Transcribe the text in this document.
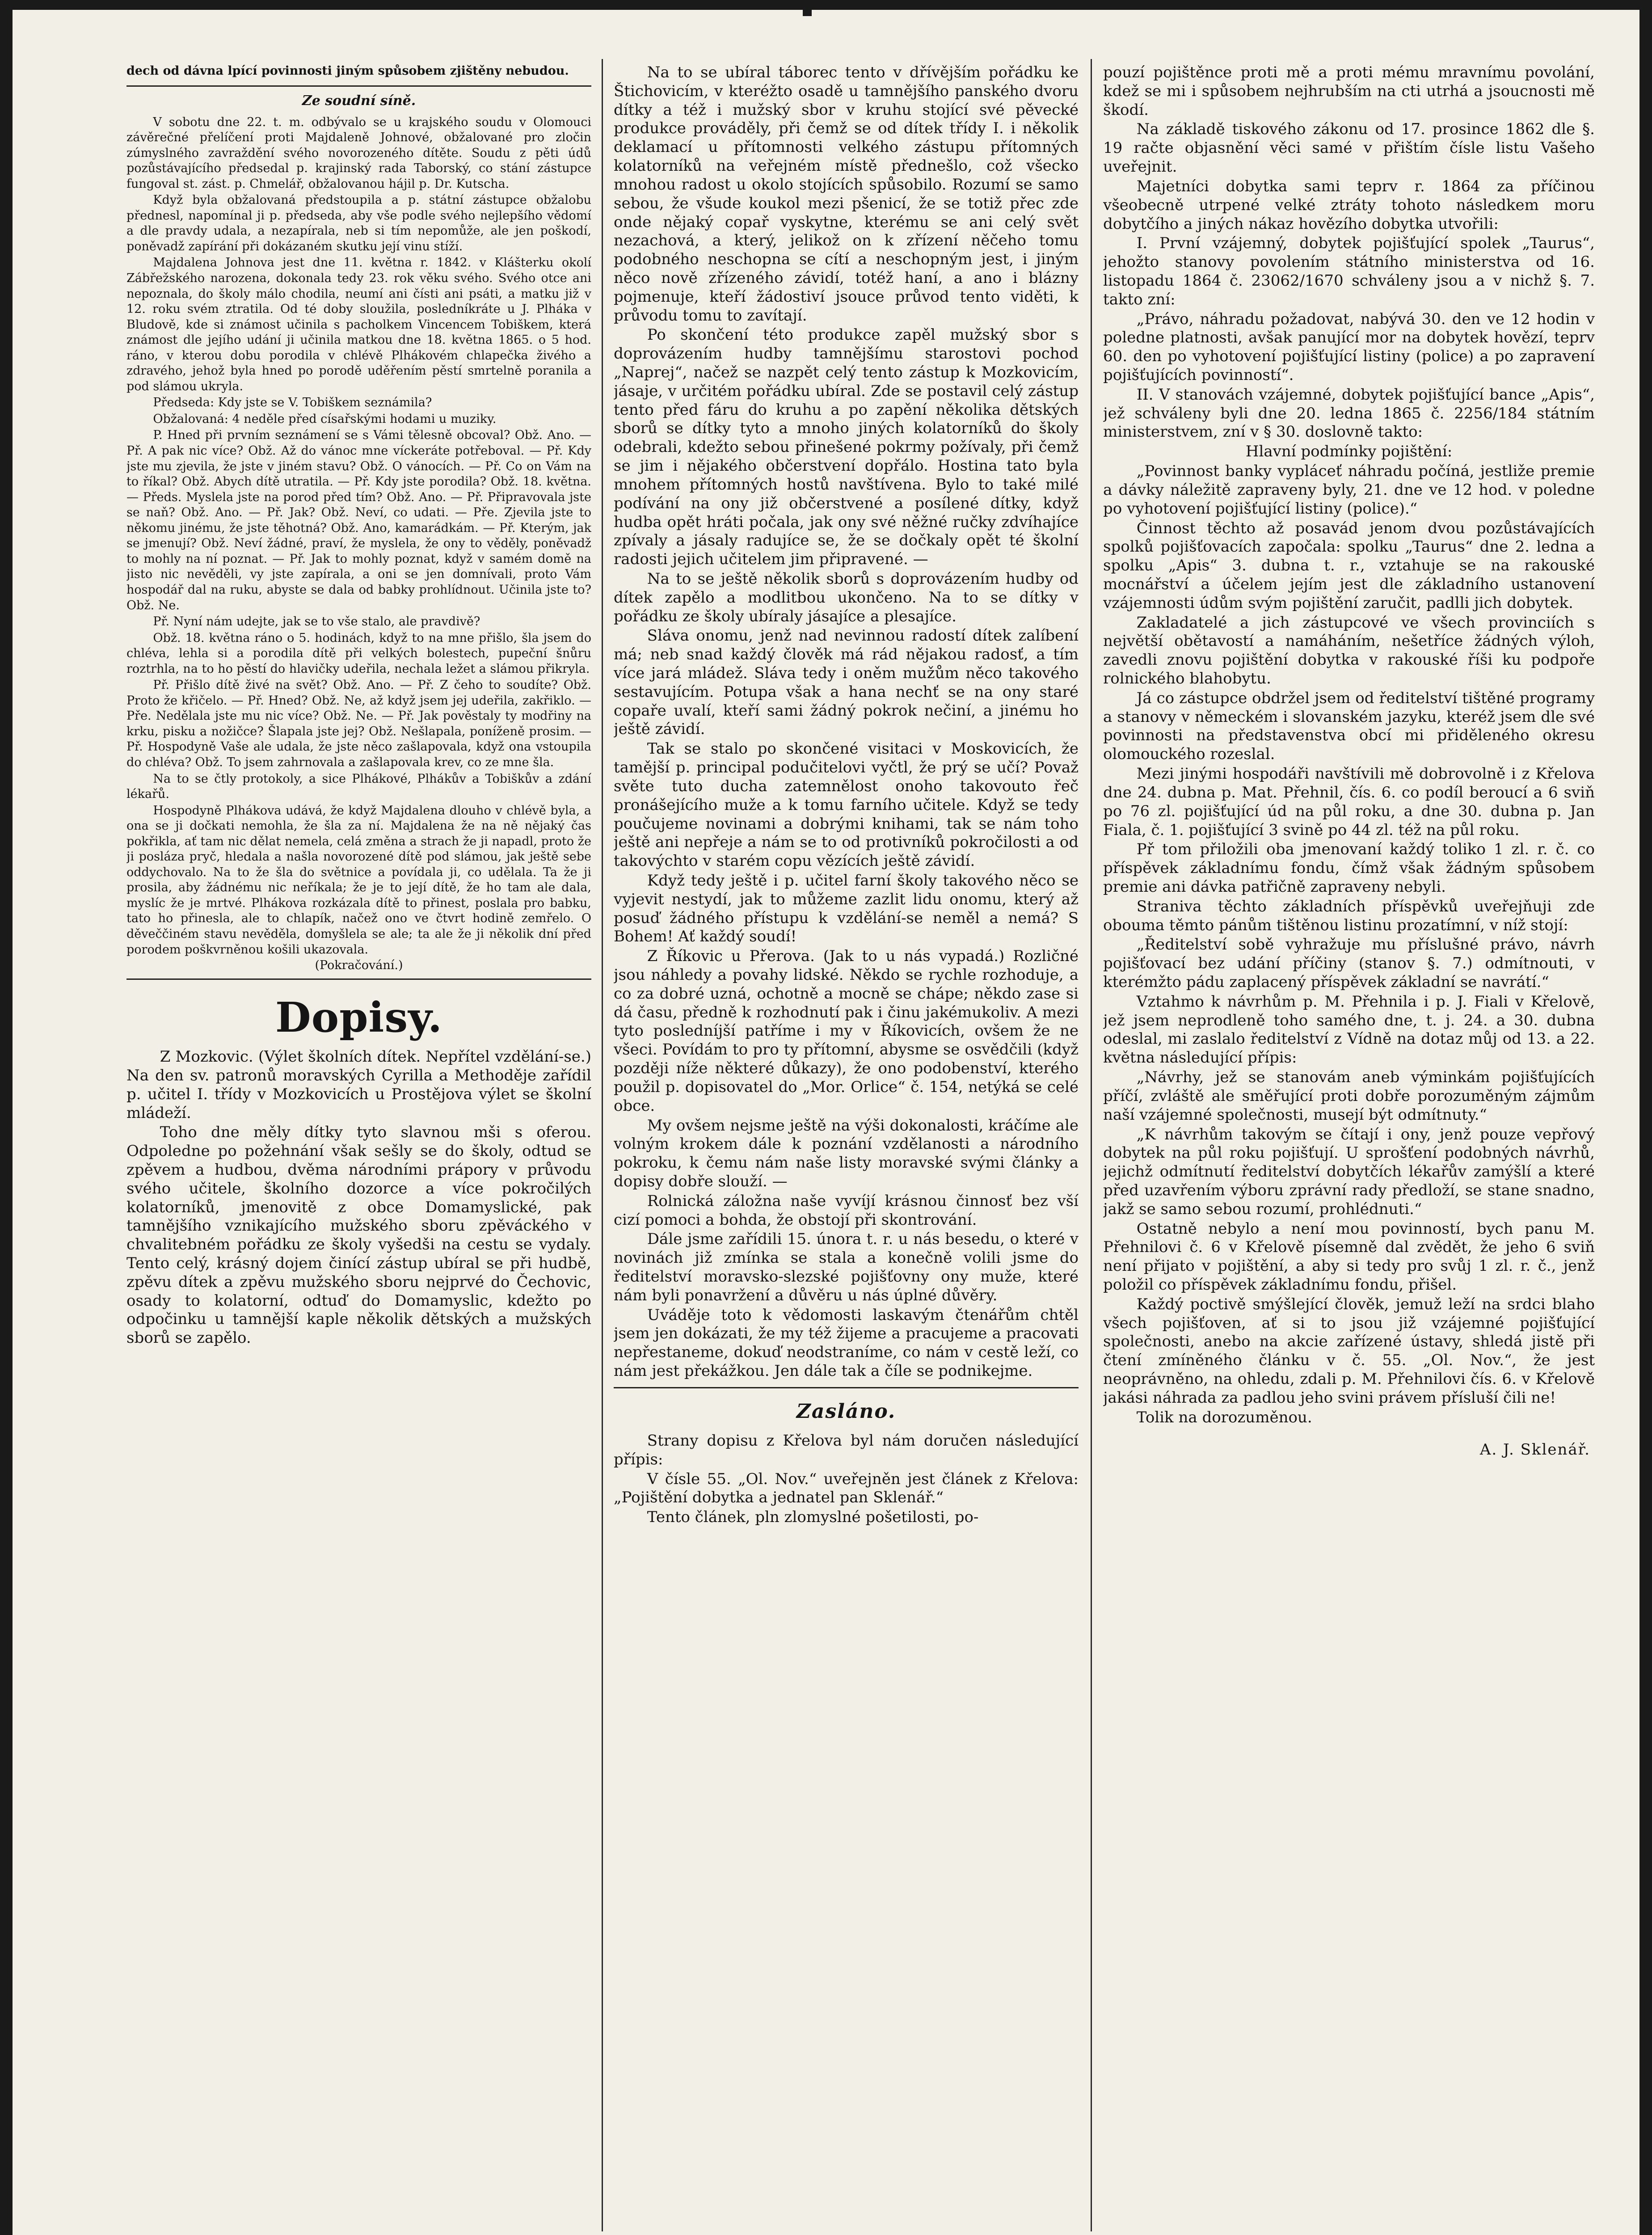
dech od dávna lpící povinnosti jiným spůsobem zjištěny nebudou.

Ze soudní síně.

V sobotu dne 22. t. m. odbývalo se u krajského soudu v Olomouci závěrečné přelíčení proti Majdaleně Johnové, obžalované pro zločin zúmyslného zavraždění svého novorozeného dítěte. Soudu z pěti údů pozůstávajícího předsedal p. krajinský rada Taborský, co stání zástupce fungoval st. zást. p. Chmelář, obžalovanou hájil p. Dr. Kutscha.

Když byla obžalovaná předstoupila a p. státní zástupce obžalobu přednesl, napomínal ji p. předseda, aby vše podle svého nejlepšího vědomí a dle pravdy udala, a nezapírala, neb si tím nepomůže, ale jen poškodí, poněvadž zapírání při dokázaném skutku její vinu stíží.

Majdalena Johnova jest dne 11. května r. 1842. v Klášterku okolí Zábřežského narozena, dokonala tedy 23. rok věku svého. Svého otce ani nepoznala, do školy málo chodila, neumí ani čísti ani psáti, a matku již v 12. roku svém ztratila. Od té doby sloužila, posledníkráte u J. Plháka v Bludově, kde si známost učinila s pacholkem Vincencem Tobiškem, která známost dle jejího udání ji učinila matkou dne 18. května 1865. o 5 hod. ráno, v kterou dobu porodila v chlévě Plhákovém chlapečka živého a zdravého, jehož byla hned po porodě uděřením pěstí smrtelně poranila a pod slámou ukryla.

Předseda: Kdy jste se V. Tobiškem seznámila?

Obžalovaná: 4 neděle před císařskými hodami u muziky.

P. Hned při prvním seznámení se s Vámi tělesně obcoval? Obž. Ano. — Př. A pak nic více? Obž. Až do vánoc mne víckeráte potřeboval. — Př. Kdy jste mu zjevila, že jste v jiném stavu? Obž. O vánocích. — Př. Co on Vám na to říkal? Obž. Abych dítě utratila. — Př. Kdy jste porodila? Obž. 18. května. — Předs. Myslela jste na porod před tím? Obž. Ano. — Př. Připravovala jste se naň? Obž. Ano. — Př. Jak? Obž. Neví, co udati. — Pře. Zjevila jste to někomu jinému, že jste těhotná? Obž. Ano, kamarádkám. — Př. Kterým, jak se jmenují? Obž. Neví žádné, praví, že myslela, že ony to věděly, poněvadž to mohly na ní poznat. — Př. Jak to mohly poznat, když v samém domě na jisto nic nevěděli, vy jste zapírala, a oni se jen domnívali, proto Vám hospodář dal na ruku, abyste se dala od babky prohlídnout. Učinila jste to? Obž. Ne.

Př. Nyní nám udejte, jak se to vše stalo, ale pravdivě?

Obž. 18. května ráno o 5. hodinách, když to na mne přišlo, šla jsem do chléva, lehla si a porodila dítě při velkých bolestech, pupeční šnůru roztrhla, na to ho pěstí do hlavičky udeřila, nechala ležet a slámou přikryla.

Př. Přišlo dítě živé na svět? Obž. Ano. — Př. Z čeho to soudíte? Obž. Proto že křičelo. — Př. Hned? Obž. Ne, až když jsem jej udeřila, zakřiklo. — Pře. Nedělala jste mu nic více? Obž. Ne. — Př. Jak pověstaly ty modřiny na krku, pisku a nožičce? Šlapala jste jej? Obž. Nešlapala, poníženě prosim. — Př. Hospodyně Vaše ale udala, že jste něco zašlapovala, když ona vstoupila do chléva? Obž. To jsem zahrnovala a zašlapovala krev, co ze mne šla.

Na to se čtly protokoly, a sice Plhákové, Plhákův a Tobiškův a zdání lékařů.

Hospodyně Plhákova udává, že když Majdalena dlouho v chlévě byla, a ona se ji dočkati nemohla, že šla za ní. Majdalena že na ně nějaký čas pokřikla, ať tam nic dělat nemela, celá změna a strach že ji napadl, proto že ji posláza pryč, hledala a našla novorozené dítě pod slámou, jak ještě sebe oddychovalo. Na to že šla do světnice a povídala ji, co udělala. Ta že ji prosila, aby žádnému nic neříkala; že je to její dítě, že ho tam ale dala, myslíc že je mrtvé. Plhákova rozkázala dítě to přinest, poslala pro babku, tato ho přinesla, ale to chlapík, načež ono ve čtvrt hodině zemřelo. O děveččiném stavu nevěděla, domyšlela se ale; ta ale že ji několik dní před porodem poškvrněnou košili ukazovala.

(Pokračování.)
Dopisy.

Z Mozkovic. (Výlet školních dítek. Nepřítel vzdělání-se.) Na den sv. patronů moravských Cyrilla a Methoděje zařídil p. učitel I. třídy v Mozkovicích u Prostějova výlet se školní mládeží.

Toho dne měly dítky tyto slavnou mši s oferou. Odpoledne po požehnání však sešly se do školy, odtud se zpěvem a hudbou, dvěma národními prápory v průvodu svého učitele, školního dozorce a více pokročilých kolatorníků, jmenovitě z obce Domamyslické, pak tamnějšího vznikajícího mužského sboru zpěváckého v chvalitebném pořádku ze školy vyšedši na cestu se vydaly. Tento celý, krásný dojem činící zástup ubíral se při hudbě, zpěvu dítek a zpěvu mužského sboru nejprvé do Čechovic, osady to kolatorní, odtuď do Domamyslic, kdežto po odpočinku u tamnější kaple několik dětských a mužských sborů se zapělo.

Na to se ubíral táborec tento v dřívějším pořádku ke Štichovicím, v kteréžto osadě u tamnějšího panského dvoru dítky a též i mužský sbor v kruhu stojící své pěvecké produkce prováděly, při čemž se od dítek třídy I. i několik deklamací u přítomnosti velkého zástupu přítomných kolatorníků na veřejném místě přednešlo, což všecko mnohou radost u okolo stojících spůsobilo. Rozumí se samo sebou, že všude koukol mezi pšenicí, že se totiž přec zde onde nějaký copař vyskytne, kterému se ani celý svět nezachová, a který, jelikož on k zřízení něčeho tomu podobného neschopna se cítí a neschopným jest, i jiným něco nově zřízeného závidí, totéž haní, a ano i blázny pojmenuje, kteří žádostiví jsouce průvod tento viděti, k průvodu tomu to zavítají.

Po skončení této produkce zapěl mužský sbor s doprovázením hudby tamnějšímu starostovi pochod „Naprej“, načež se nazpět celý tento zástup k Mozkovicím, jásaje, v určitém pořádku ubíral. Zde se postavil celý zástup tento před fáru do kruhu a po zapění několika dětských sborů se dítky tyto a mnoho jiných kolatorníků do školy odebrali, kdežto sebou přinešené pokrmy požívaly, při čemž se jim i nějakého občerstvení dopřálo. Hostina tato byla mnohem přítomných hostů navštívena. Bylo to také milé podívání na ony již občerstvené a posílené dítky, když hudba opět hráti počala, jak ony své něžné ručky zdvíhajíce zpívaly a jásaly radujíce se, že se dočkaly opět té školní radosti jejich učitelem jim připravené. —

Na to se ještě několik sborů s doprovázením hudby od dítek zapělo a modlitbou ukončeno. Na to se dítky v pořádku ze školy ubíraly jásajíce a plesajíce.

Sláva onomu, jenž nad nevinnou radostí dítek zalíbení má; neb snad každý člověk má rád nějakou radosť, a tím více jará mládež. Sláva tedy i oněm mužům něco takového sestavujícím. Potupa však a hana nechť se na ony staré copaře uvalí, kteří sami žádný pokrok nečiní, a jinému ho ještě závidí.

Tak se stalo po skončené visitaci v Moskovicích, že tamější p. principal podučitelovi vyčtl, že prý se učí? Považ světe tuto ducha zatemnělost onoho takovouto řeč pronášejícího muže a k tomu farního učitele. Když se tedy poučujeme novinami a dobrými knihami, tak se nám toho ještě ani nepřeje a nám se to od protivníků pokročilosti a od takovýchto v starém copu vězících ještě závidí.

Když tedy ještě i p. učitel farní školy takového něco se vyjevit nestydí, jak to můžeme zazlit lidu onomu, který až posuď žádného přístupu k vzdělání-se neměl a nemá? S Bohem! Ať každý soudí!

Z Říkovic u Přerova. (Jak to u nás vypadá.) Rozličné jsou náhledy a povahy lidské. Někdo se rychle rozhoduje, a co za dobré uzná, ochotně a mocně se chápe; někdo zase si dá času, předně k rozhodnutí pak i činu jakémukoliv. A mezi tyto posledníjší patříme i my v Říkovicích, ovšem že ne všeci. Povídám to pro ty přítomní, abysme se osvědčili (když později níže některé důkazy), že ono podobenství, kterého použil p. dopisovatel do „Mor. Orlice“ č. 154, netýká se celé obce.

My ovšem nejsme ještě na výši dokonalosti, kráčíme ale volným krokem dále k poznání vzdělanosti a národního pokroku, k čemu nám naše listy moravské svými články a dopisy dobře slouží. —

Rolnická záložna naše vyvíjí krásnou činnosť bez vší cizí pomoci a bohda, že obstojí při skontrování.

Dále jsme zařídili 15. února t. r. u nás besedu, o které v novinách již zmínka se stala a konečně volili jsme do ředitelství moravsko-slezské pojišťovny ony muže, které nám byli ponavržení a důvěru u nás úplné důvěry.

Uváděje toto k vědomosti laskavým čtenářům chtěl jsem jen dokázati, že my též žijeme a pracujeme a pracovati nepřestaneme, dokuď neodstraníme, co nám v cestě leží, co nám jest překážkou. Jen dále tak a číle se podnikejme.

Zasláno.

Strany dopisu z Křelova byl nám doručen následující přípis:

V čísle 55. „Ol. Nov.“ uveřejněn jest článek z Křelova: „Pojištění dobytka a jednatel pan Sklenář.“

Tento článek, pln zlomyslné pošetilosti, po-

pouzí pojištěnce proti mě a proti mému mravnímu povolání, kdež se mi i spůsobem nejhrubším na cti utrhá a jsoucnosti mě škodí.

Na základě tiskového zákonu od 17. prosince 1862 dle §. 19 račte objasnění věci samé v přištím čísle listu Vašeho uveřejnit.

Majetníci dobytka sami teprv r. 1864 za příčinou všeobecně utrpené velké ztráty tohoto následkem moru dobytčího a jiných nákaz hovězího dobytka utvořili:

I. První vzájemný, dobytek pojišťující spolek „Taurus“, jehožto stanovy povolením státního ministerstva od 16. listopadu 1864 č. 23062/1670 schváleny jsou a v nichž §. 7. takto zní:

„Právo, náhradu požadovat, nabývá 30. den ve 12 hodin v poledne platnosti, avšak panující mor na dobytek hovězí, teprv 60. den po vyhotovení pojišťující listiny (police) a po zapravení pojišťujících povinností“.

II. V stanovách vzájemné, dobytek pojišťující bance „Apis“, jež schváleny byli dne 20. ledna 1865 č. 2256/184 státním ministerstvem, zní v § 30. doslovně takto:

Hlavní podmínky pojištění:

„Povinnost banky vypláceť náhradu počíná, jestliže premie a dávky náležitě zapraveny byly, 21. dne ve 12 hod. v poledne po vyhotovení pojišťující listiny (police).“

Činnost těchto až posavád jenom dvou pozůstávajících spolků pojišťovacích započala: spolku „Taurus“ dne 2. ledna a spolku „Apis“ 3. dubna t. r., vztahuje se na rakouské mocnářství a účelem jejím jest dle základního ustanovení vzájemnosti údům svým pojištění zaručit, padlli jich dobytek.

Zakladatelé a jich zástupcové ve všech provinciích s největší obětavostí a namáháním, nešetříce žádných výloh, zavedli znovu pojištění dobytka v rakouské říši ku podpoře rolnického blahobytu.

Já co zástupce obdržel jsem od ředitelství tištěné programy a stanovy v německém i slovanském jazyku, kteréž jsem dle své povinnosti na představenstva obcí mi přiděleného okresu olomouckého rozeslal.

Mezi jinými hospodáři navštívili mě dobrovolně i z Křelova dne 24. dubna p. Mat. Přehnil, čís. 6. co podíl beroucí a 6 sviň po 76 zl. pojišťující úd na půl roku, a dne 30. dubna p. Jan Fiala, č. 1. pojišťující 3 svině po 44 zl. též na půl roku.

Př tom přiložili oba jmenovaní každý toliko 1 zl. r. č. co příspěvek základnímu fondu, čímž však žádným spůsobem premie ani dávka patřičně zapraveny nebyli.

Straniva těchto základních příspěvků uveřejňuji zde obouma těmto pánům tištěnou listinu prozatímní, v níž stojí:

„Ředitelství sobě vyhražuje mu příslušné právo, návrh pojišťovací bez udání příčiny (stanov §. 7.) odmítnouti, v kterémžto pádu zaplacený příspěvek základní se navrátí.“

Vztahmo k návrhům p. M. Přehnila i p. J. Fiali v Křelově, jež jsem neprodleně toho samého dne, t. j. 24. a 30. dubna odeslal, mi zaslalo ředitelství z Vídně na dotaz můj od 13. a 22. května následující přípis:

„Návrhy, jež se stanovám aneb výminkám pojišťujících příčí, zvláště ale směřující proti dobře porozuměným zájmům naší vzájemné společnosti, musejí být odmítnuty.“

„K návrhům takovým se čítají i ony, jenž pouze vepřový dobytek na půl roku pojišťují. U sprošťení podobných návrhů, jejichž odmítnutí ředitelství dobytčích lékařův zamýšlí a které před uzavřením výboru zprávní rady předloží, se stane snadno, jakž se samo sebou rozumí, prohlédnuti.“

Ostatně nebylo a není mou povinností, bych panu M. Přehnilovi č. 6 v Křelově písemně dal zvědět, že jeho 6 sviň není přijato v pojištění, a aby si tedy pro svůj 1 zl. r. č., jenž položil co příspěvek základnímu fondu, přišel.

Každý poctivě smýšlející člověk, jemuž leží na srdci blaho všech pojišťoven, ať si to jsou již vzájemné pojišťující společnosti, anebo na akcie zařízené ústavy, shledá jistě při čtení zmíněného článku v č. 55. „Ol. Nov.“, že jest neoprávněno, na ohledu, zdali p. M. Přehnilovi čís. 6. v Křelově jakási náhrada za padlou jeho svini právem přísluší čili ne!

Tolik na dorozuměnou.

A. J. Sklenář.
